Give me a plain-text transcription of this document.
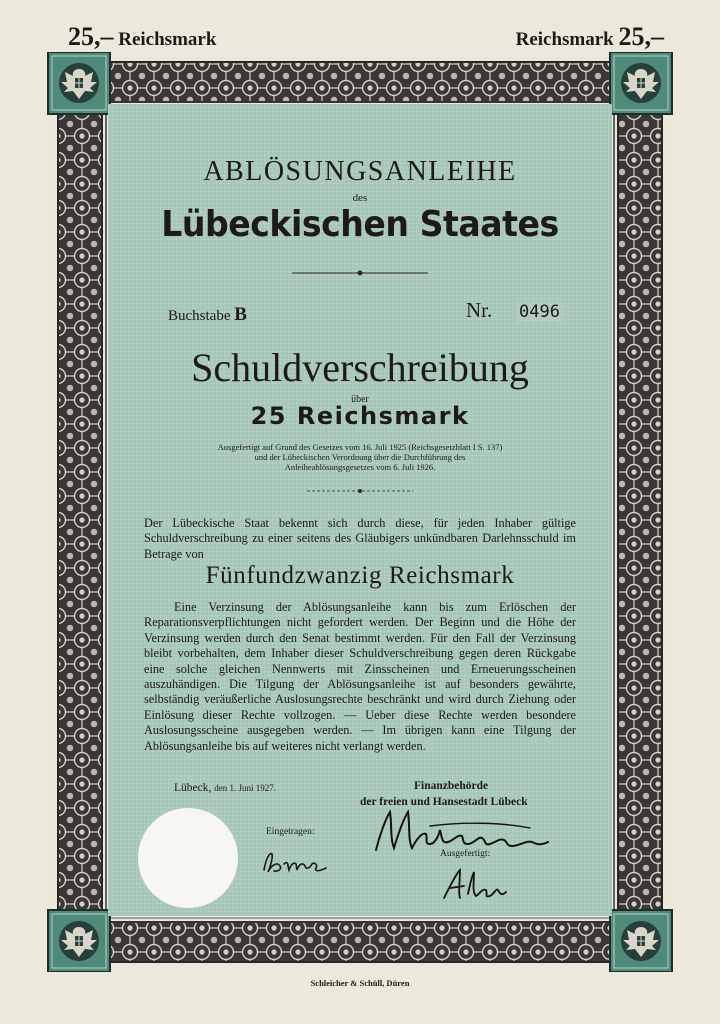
25,– Reichsmark	Reichsmark 25,–
ABLÖSUNGSANLEIHE
des
Lübeckischen Staates
Buchstabe B	Nr. 0496
Schuldverschreibung
über
25 Reichsmark
Ausgefertigt auf Grund des Gesetzes vom 16. Juli 1925 (Reichsgesetzblatt I S. 137)
und der Lübeckischen Verordnung über die Durchführung des
Anleiheablösungsgesetzes vom 6. Juli 1926.
Der Lübeckische Staat bekennt sich durch diese, für jeden Inhaber gültige Schuldverschreibung zu einer seitens des Gläubigers unkündbaren Darlehnsschuld im Betrage von
Fünfundzwanzig Reichsmark
Eine Verzinsung der Ablösungsanleihe kann bis zum Erlöschen der Reparationsverpflichtungen nicht gefordert werden. Der Beginn und die Höhe der Verzinsung werden durch den Senat bestimmt werden. Für den Fall der Verzinsung bleibt vorbehalten, dem Inhaber dieser Schuldverschreibung gegen deren Rückgabe eine solche gleichen Nennwerts mit Zinsscheinen und Erneuerungsscheinen auszuhändigen. Die Tilgung der Ablösungsanleihe ist auf besonders gewährte, selbständig veräußerliche Auslosungsrechte beschränkt und wird durch Ziehung oder Einlösung dieser Rechte vollzogen. — Ueber diese Rechte werden besondere Auslosungsscheine ausgegeben werden. — Im übrigen kann eine Tilgung der Ablösungsanleihe bis auf weiteres nicht verlangt werden.
Lübeck, den 1. Juni 1927.	Finanzbehörde
der freien und Hansestadt Lübeck
Eingetragen:
Ausgefertigt:
Schleicher & Schüll, Düren
